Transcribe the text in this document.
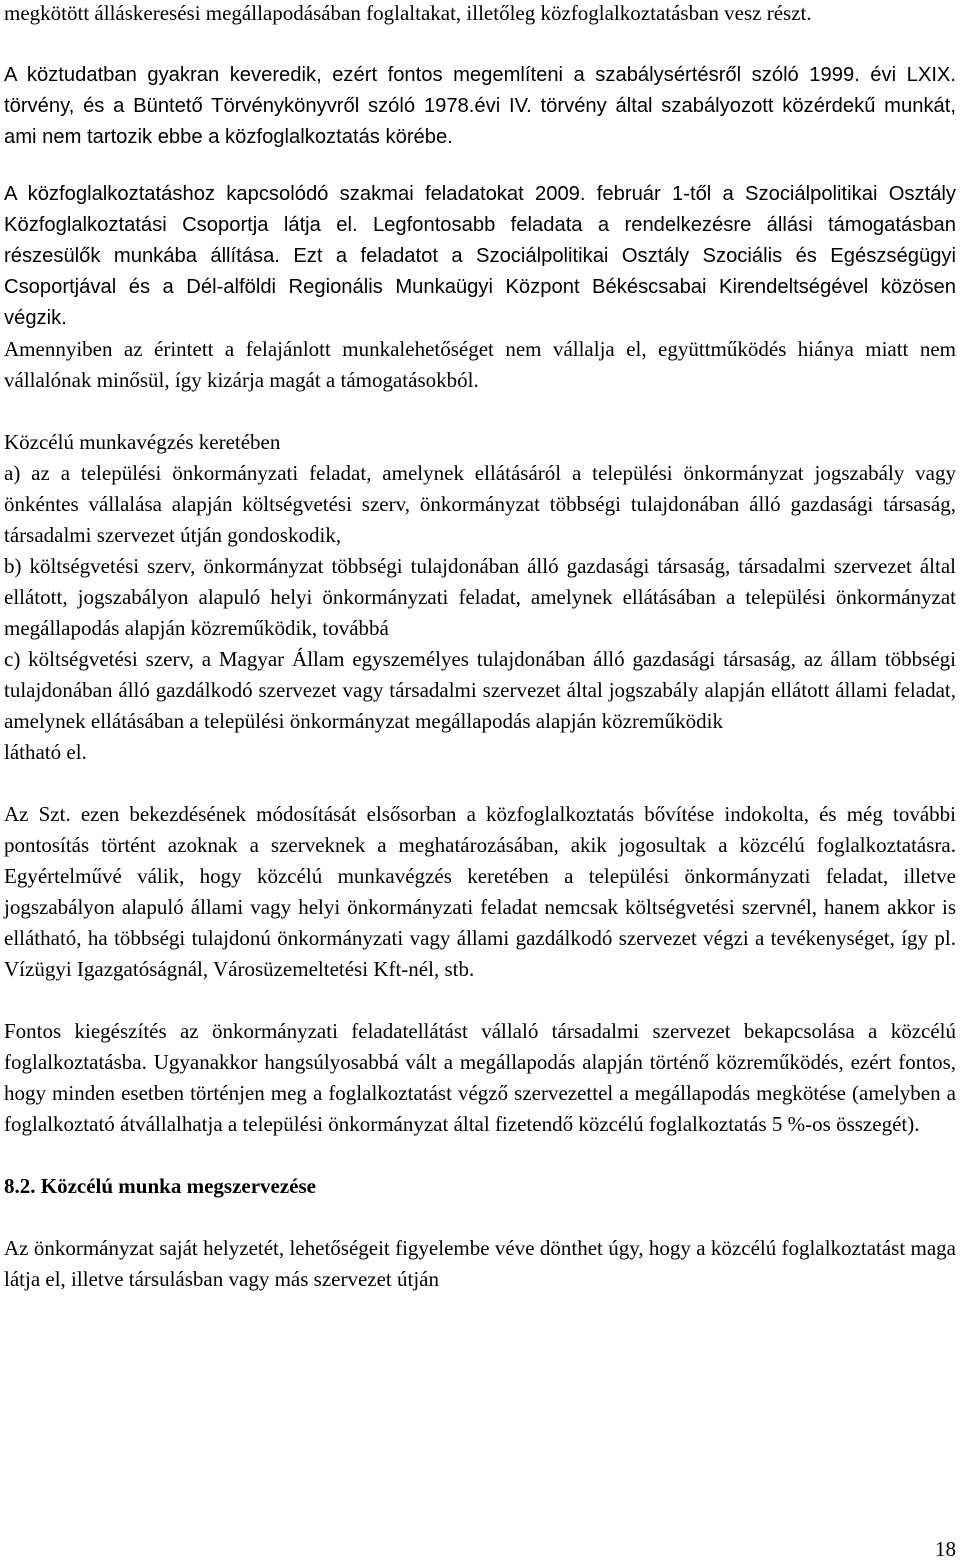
megkötött álláskeresési megállapodásában foglaltakat, illetőleg közfoglalkoztatásban vesz részt.

A köztudatban gyakran keveredik, ezért fontos megemlíteni a szabálysértésről szóló 1999. évi LXIX. törvény, és a Büntető Törvénykönyvről szóló 1978.évi IV. törvény által szabályozott közérdekű munkát, ami nem tartozik ebbe a közfoglalkoztatás körébe.

A közfoglalkoztatáshoz kapcsolódó szakmai feladatokat 2009. február 1-től a Szociálpolitikai Osztály Közfoglalkoztatási Csoportja látja el. Legfontosabb feladata a rendelkezésre állási támogatásban részesülők munkába állítása. Ezt a feladatot a Szociálpolitikai Osztály Szociális és Egészségügyi Csoportjával és a Dél-alföldi Regionális Munkaügyi Központ Békéscsabai Kirendeltségével közösen végzik.

Amennyiben az érintett a felajánlott munkalehetőséget nem vállalja el, együttműködés hiánya miatt nem vállalónak minősül, így kizárja magát a támogatásokból.

Közcélú munkavégzés keretében

a) az a települési önkormányzati feladat, amelynek ellátásáról a települési önkormányzat jogszabály vagy önkéntes vállalása alapján költségvetési szerv, önkormányzat többségi tulajdonában álló gazdasági társaság, társadalmi szervezet útján gondoskodik,

b) költségvetési szerv, önkormányzat többségi tulajdonában álló gazdasági társaság, társadalmi szervezet által ellátott, jogszabályon alapuló helyi önkormányzati feladat, amelynek ellátásában a települési önkormányzat megállapodás alapján közreműködik, továbbá

c) költségvetési szerv, a Magyar Állam egyszemélyes tulajdonában álló gazdasági társaság, az állam többségi tulajdonában álló gazdálkodó szervezet vagy társadalmi szervezet által jogszabály alapján ellátott állami feladat, amelynek ellátásában a települési önkormányzat megállapodás alapján közreműködik

látható el.

Az Szt. ezen bekezdésének módosítását elsősorban a közfoglalkoztatás bővítése indokolta, és még további pontosítás történt azoknak a szerveknek a meghatározásában, akik jogosultak a közcélú foglalkoztatásra. Egyértelművé válik, hogy közcélú munkavégzés keretében a települési önkormányzati feladat, illetve jogszabályon alapuló állami vagy helyi önkormányzati feladat nemcsak költségvetési szervnél, hanem akkor is ellátható, ha többségi tulajdonú önkormányzati vagy állami gazdálkodó szervezet végzi a tevékenységet, így pl. Vízügyi Igazgatóságnál, Városüzemeltetési Kft-nél, stb.

Fontos kiegészítés az önkormányzati feladatellátást vállaló társadalmi szervezet bekapcsolása a közcélú foglalkoztatásba. Ugyanakkor hangsúlyosabbá vált a megállapodás alapján történő közreműködés, ezért fontos, hogy minden esetben történjen meg a foglalkoztatást végző szervezettel a megállapodás megkötése (amelyben a foglalkoztató átvállalhatja a települési önkormányzat által fizetendő közcélú foglalkoztatás 5 %-os összegét).

8.2. Közcélú munka megszervezése

Az önkormányzat saját helyzetét, lehetőségeit figyelembe véve dönthet úgy, hogy a közcélú foglalkoztatást maga látja el, illetve társulásban vagy más szervezet útján

18
